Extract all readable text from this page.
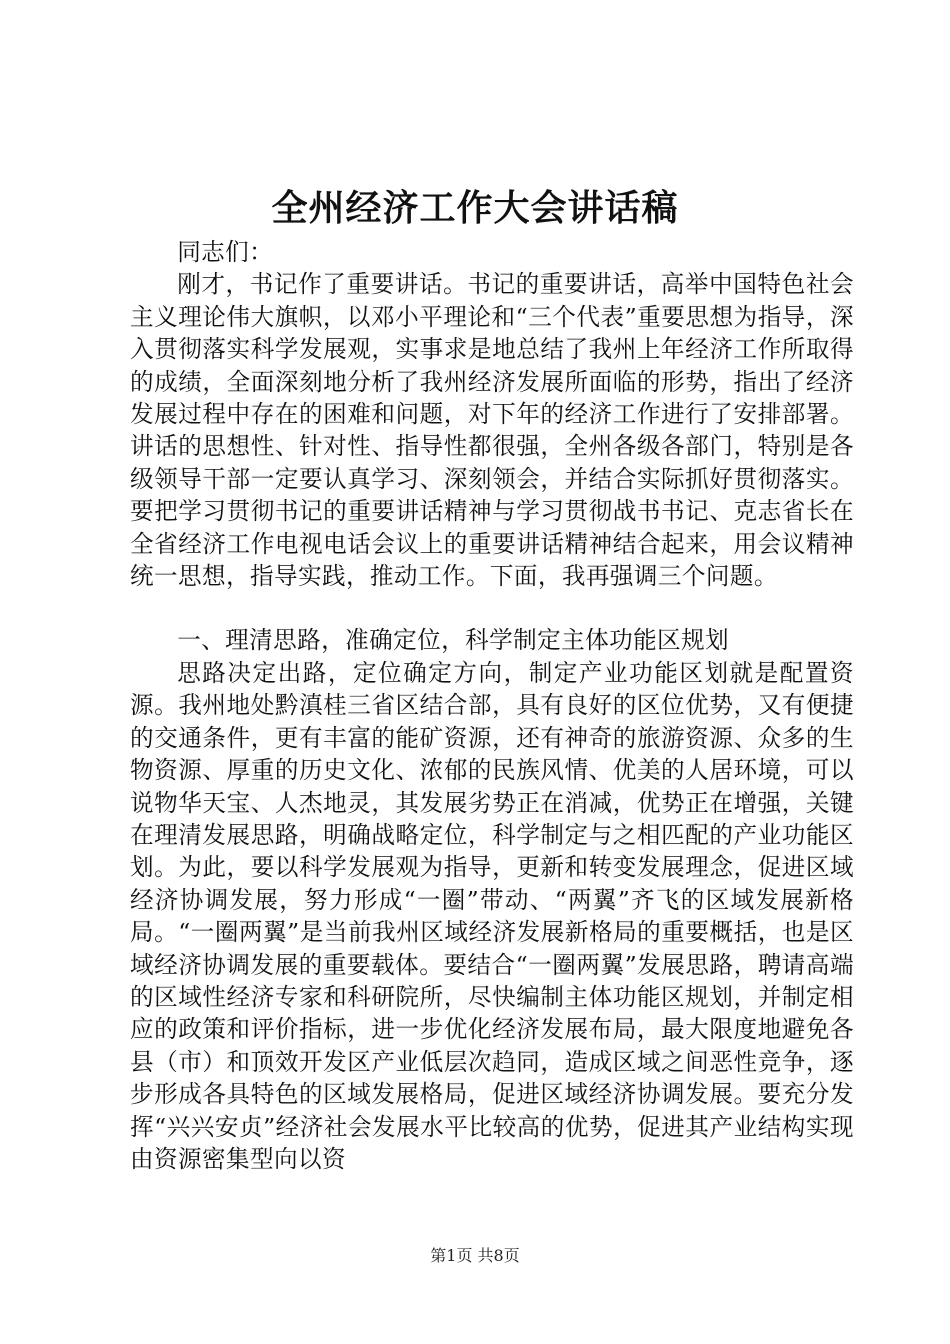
全州经济工作大会讲话稿

同志们：

刚才，书记作了重要讲话。书记的重要讲话，高举中国特色社会主义理论伟大旗帜，以邓小平理论和“三个代表”重要思想为指导，深入贯彻落实科学发展观，实事求是地总结了我州上年经济工作所取得的成绩，全面深刻地分析了我州经济发展所面临的形势，指出了经济发展过程中存在的困难和问题，对下年的经济工作进行了安排部署。讲话的思想性、针对性、指导性都很强，全州各级各部门，特别是各级领导干部一定要认真学习、深刻领会，并结合实际抓好贯彻落实。要把学习贯彻书记的重要讲话精神与学习贯彻战书书记、克志省长在全省经济工作电视电话会议上的重要讲话精神结合起来，用会议精神统一思想，指导实践，推动工作。下面，我再强调三个问题。

一、理清思路，准确定位，科学制定主体功能区规划

思路决定出路，定位确定方向，制定产业功能区划就是配置资源。我州地处黔滇桂三省区结合部，具有良好的区位优势，又有便捷的交通条件，更有丰富的能矿资源，还有神奇的旅游资源、众多的生物资源、厚重的历史文化、浓郁的民族风情、优美的人居环境，可以说物华天宝、人杰地灵，其发展劣势正在消减，优势正在增强，关键在理清发展思路，明确战略定位，科学制定与之相匹配的产业功能区划。为此，要以科学发展观为指导，更新和转变发展理念，促进区域经济协调发展，努力形成“一圈”带动、“两翼”齐飞的区域发展新格局。“一圈两翼”是当前我州区域经济发展新格局的重要概括，也是区域经济协调发展的重要载体。要结合“一圈两翼”发展思路，聘请高端的区域性经济专家和科研院所，尽快编制主体功能区规划，并制定相应的政策和评价指标，进一步优化经济发展布局，最大限度地避免各县（市）和顶效开发区产业低层次趋同，造成区域之间恶性竞争，逐步形成各具特色的区域发展格局，促进区域经济协调发展。要充分发挥“兴兴安贞”经济社会发展水平比较高的优势，促进其产业结构实现由资源密集型向以资

第1页 共8页
